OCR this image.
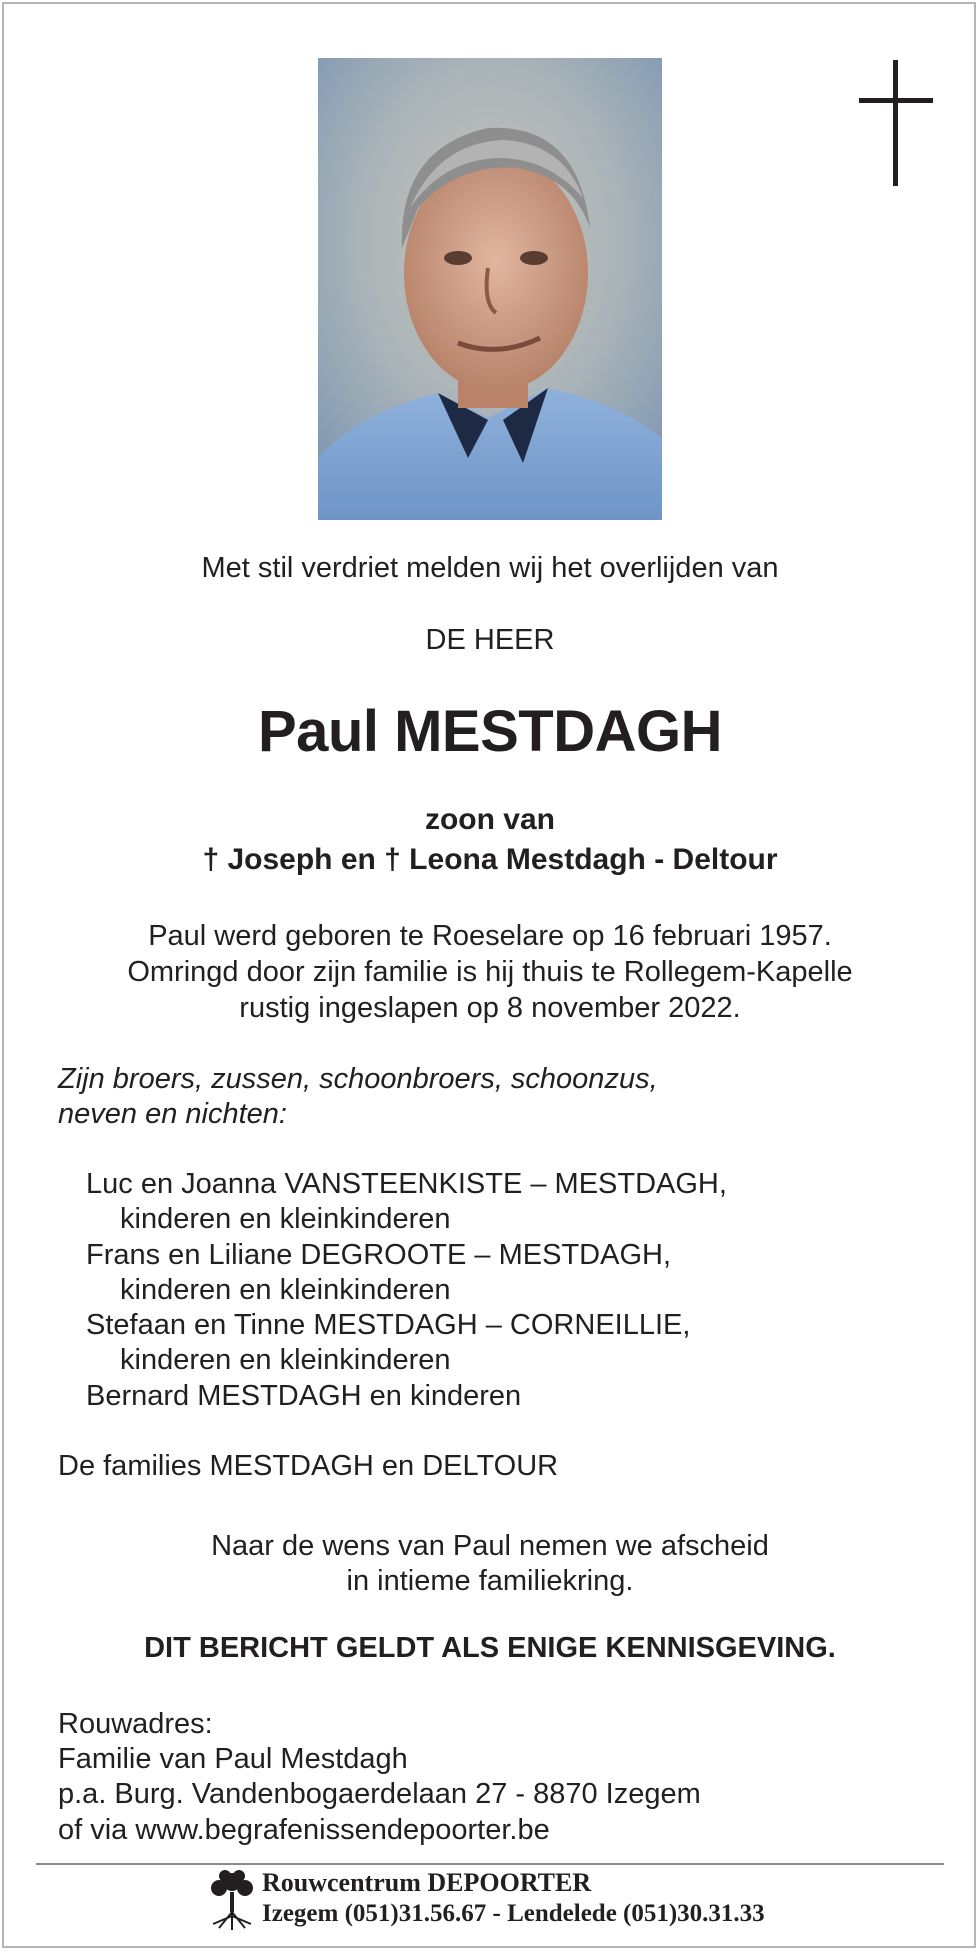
Met stil verdriet melden wij het overlijden van
DE HEER
Paul MESTDAGH
zoon van
† Joseph en † Leona Mestdagh - Deltour
Paul werd geboren te Roeselare op 16 februari 1957.
Omringd door zijn familie is hij thuis te Rollegem-Kapelle
rustig ingeslapen op 8 november 2022.
Zijn broers, zussen, schoonbroers, schoonzus,
neven en nichten:
Luc en Joanna VANSTEENKISTE – MESTDAGH,
kinderen en kleinkinderen
Frans en Liliane DEGROOTE – MESTDAGH,
kinderen en kleinkinderen
Stefaan en Tinne MESTDAGH – CORNEILLIE,
kinderen en kleinkinderen
Bernard MESTDAGH en kinderen
De families MESTDAGH en DELTOUR
Naar de wens van Paul nemen we afscheid
in intieme familiekring.
DIT BERICHT GELDT ALS ENIGE KENNISGEVING.
Rouwadres:
Familie van Paul Mestdagh
p.a. Burg. Vandenbogaerdelaan 27 - 8870 Izegem
of via www.begrafenissendepoorter.be
Rouwcentrum DEPOORTER
Izegem (051)31.56.67 - Lendelede (051)30.31.33
